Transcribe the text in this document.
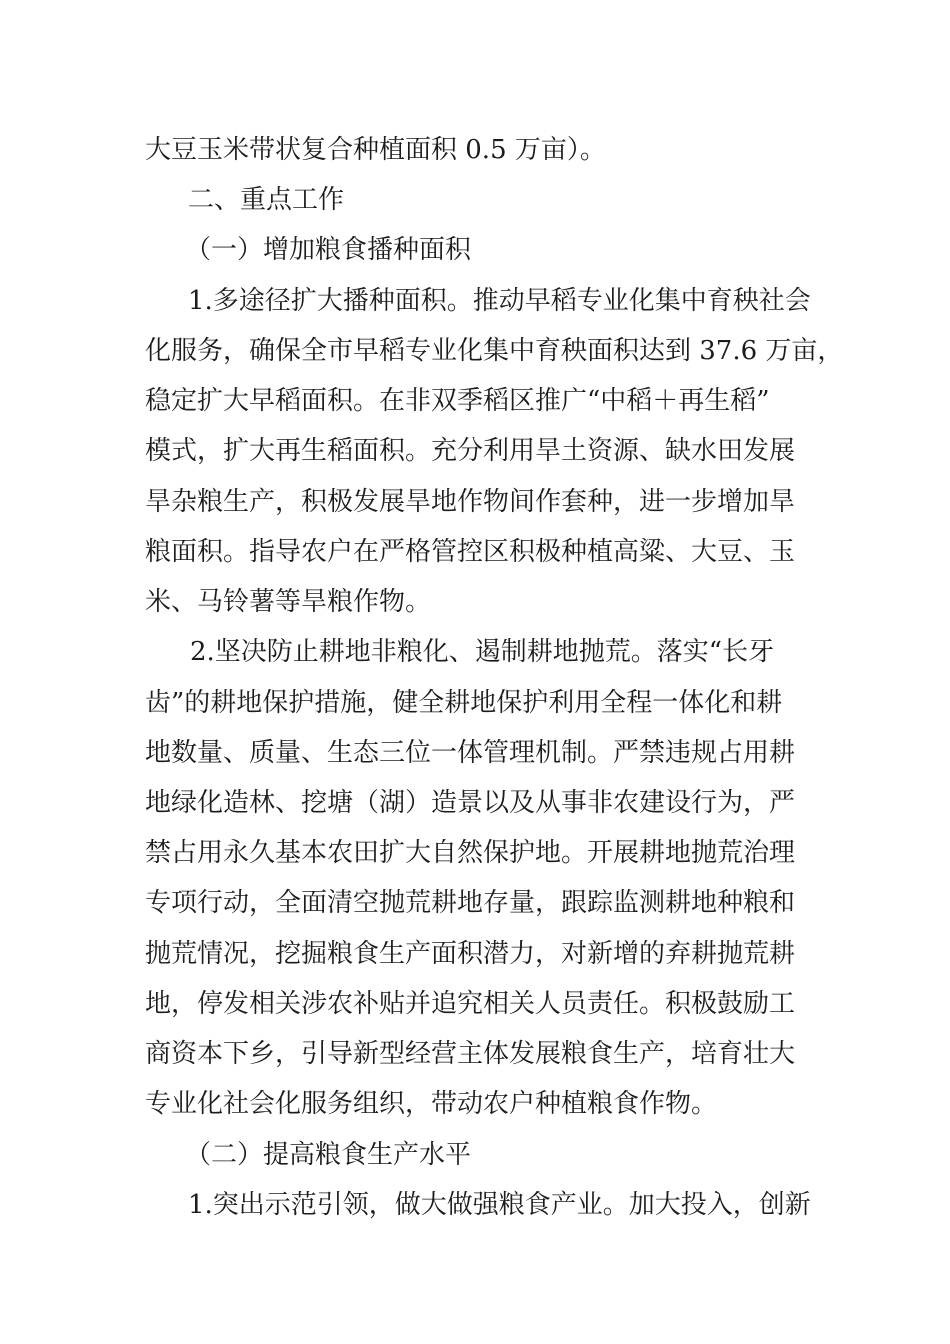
大豆玉米带状复合种植面积 0.5 万亩）。
二、重点工作
（一）增加粮食播种面积
1.多途径扩大播种面积。推动早稻专业化集中育秧社会
化服务，确保全市早稻专业化集中育秧面积达到 37.6 万亩，
稳定扩大早稻面积。在非双季稻区推广“中稻＋再生稻”
模式，扩大再生稻面积。充分利用旱土资源、缺水田发展
旱杂粮生产，积极发展旱地作物间作套种，进一步增加旱
粮面积。指导农户在严格管控区积极种植高粱、大豆、玉
米、马铃薯等旱粮作物。
2.坚决防止耕地非粮化、遏制耕地抛荒。落实“长牙
齿”的耕地保护措施，健全耕地保护利用全程一体化和耕
地数量、质量、生态三位一体管理机制。严禁违规占用耕
地绿化造林、挖塘（湖）造景以及从事非农建设行为，严
禁占用永久基本农田扩大自然保护地。开展耕地抛荒治理
专项行动，全面清空抛荒耕地存量，跟踪监测耕地种粮和
抛荒情况，挖掘粮食生产面积潜力，对新增的弃耕抛荒耕
地，停发相关涉农补贴并追究相关人员责任。积极鼓励工
商资本下乡，引导新型经营主体发展粮食生产，培育壮大
专业化社会化服务组织，带动农户种植粮食作物。
（二）提高粮食生产水平
1.突出示范引领，做大做强粮食产业。加大投入，创新
